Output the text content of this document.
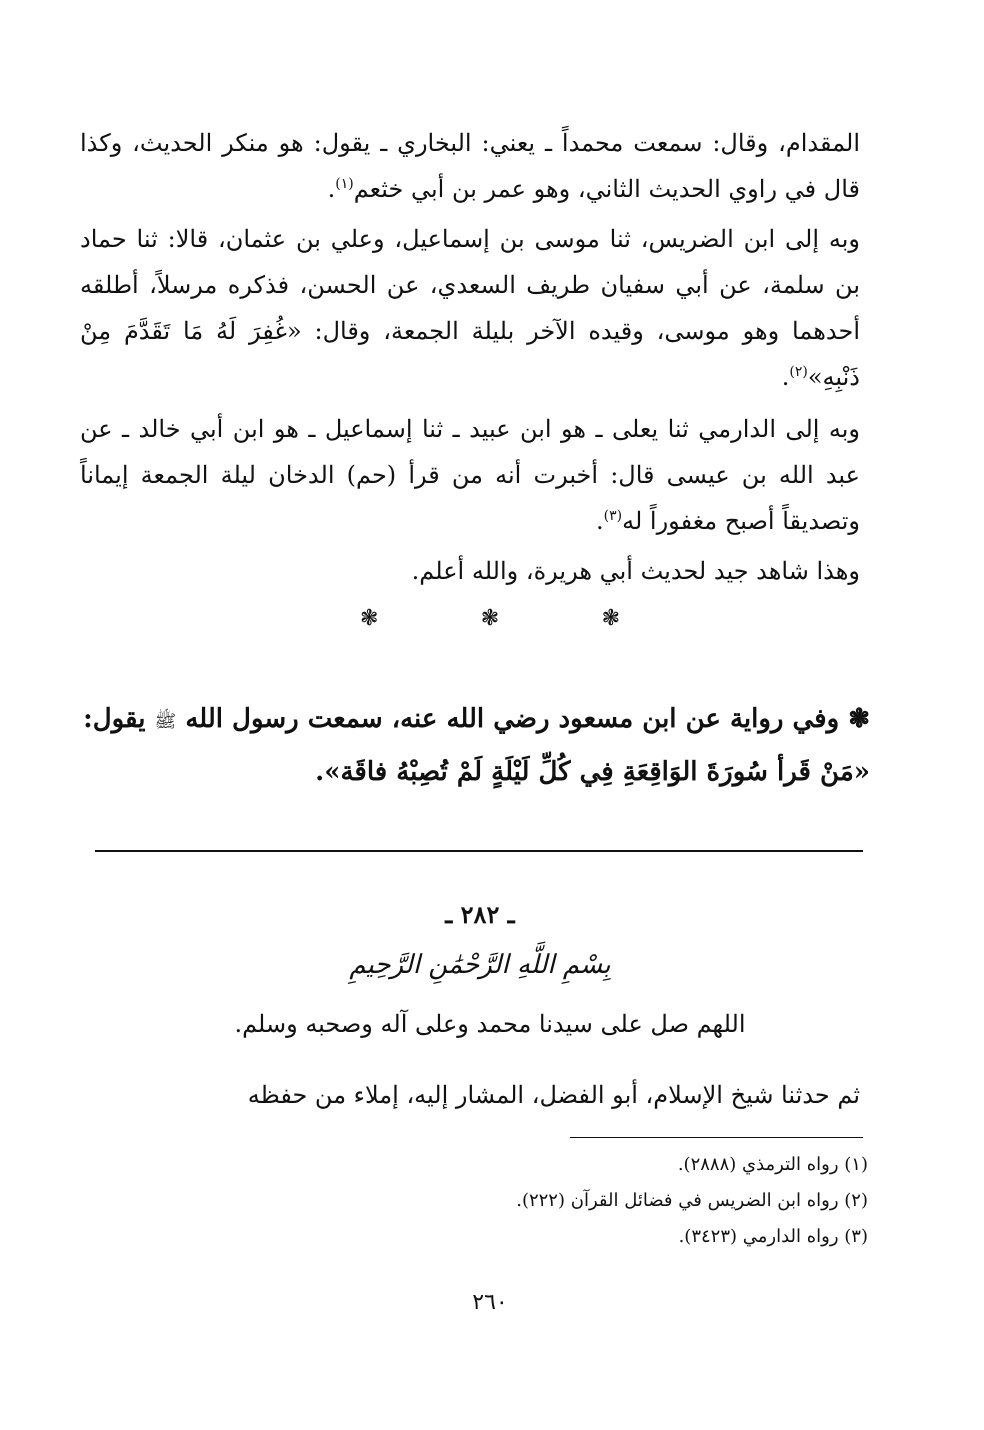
المقدام، وقال: سمعت محمداً ـ يعني: البخاري ـ يقول: هو منكر الحديث، وكذا قال في راوي الحديث الثاني، وهو عمر بن أبي خثعم$^{(١)}$.

وبه إلى ابن الضريس، ثنا موسى بن إسماعيل، وعلي بن عثمان، قالا: ثنا حماد بن سلمة، عن أبي سفيان طريف السعدي، عن الحسن، فذكره مرسلاً، أطلقه أحدهما وهو موسى، وقيده الآخر بليلة الجمعة، وقال: «غُفِرَ لَهُ مَا تَقَدَّمَ مِنْ ذَنْبِهِ»$^{(٢)}$.

وبه إلى الدارمي ثنا يعلى ـ هو ابن عبيد ـ ثنا إسماعيل ـ هو ابن أبي خالد ـ عن عبد الله بن عيسى قال: أخبرت أنه من قرأ (حم) الدخان ليلة الجمعة إيماناً وتصديقاً أصبح مغفوراً له$^{(٣)}$.

وهذا شاهد جيد لحديث أبي هريرة، والله أعلم.

❃	❃	❃

❃ وفي رواية عن ابن مسعود رضي الله عنه، سمعت رسول الله ﷺ يقول: «مَنْ قَرأ سُورَةَ الوَاقِعَةِ فِي كُلِّ لَيْلَةٍ لَمْ تُصِبْهُ فاقَة».

ـ ٢٨٢ ـ
بِسْمِ اللَّهِ الرَّحْمَٰنِ الرَّحِيمِ

اللهم صل على سيدنا محمد وعلى آله وصحبه وسلم.

ثم حدثنا شيخ الإسلام، أبو الفضل، المشار إليه، إملاء من حفظه

(١) رواه الترمذي (٢٨٨٨).

(٢) رواه ابن الضريس في فضائل القرآن (٢٢٢).

(٣) رواه الدارمي (٣٤٢٣).

٢٦٠
